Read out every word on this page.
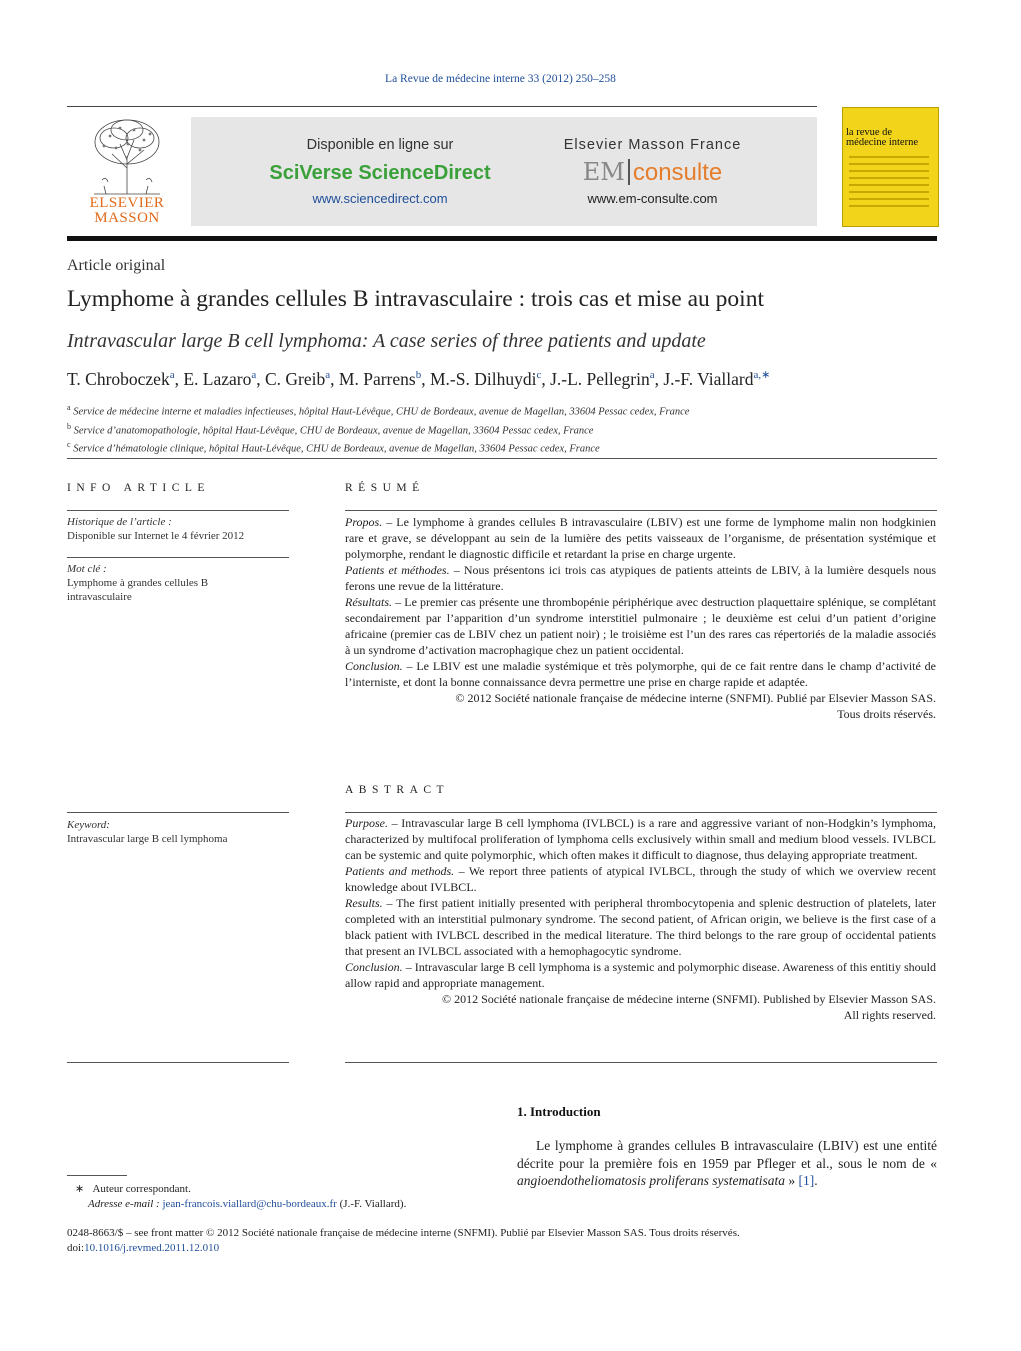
La Revue de médecine interne 33 (2012) 250–258
ELSEVIER
MASSON
Disponible en ligne sur
SciVerse ScienceDirect
www.sciencedirect.com
Elsevier Masson France
EM consulte
www.em-consulte.com
la revue de médecine interne
Article original
Lymphome à grandes cellules B intravasculaire : trois cas et mise au point
Intravascular large B cell lymphoma: A case series of three patients and update
T. Chroboczek$^a$, E. Lazaro$^a$, C. Greib$^a$, M. Parrens$^b$, M.-S. Dilhuydi$^c$, J.-L. Pellegrin$^a$, J.-F. Viallard$^{a,∗}$
$^a$ Service de médecine interne et maladies infectieuses, hôpital Haut-Lévêque, CHU de Bordeaux, avenue de Magellan, 33604 Pessac cedex, France
$^b$ Service d’anatomopathologie, hôpital Haut-Lévêque, CHU de Bordeaux, avenue de Magellan, 33604 Pessac cedex, France
$^c$ Service d’hématologie clinique, hôpital Haut-Lévêque, CHU de Bordeaux, avenue de Magellan, 33604 Pessac cedex, France
INFO ARTICLE
Historique de l’article :
Disponible sur Internet le 4 février 2012
Mot clé :
Lymphome à grandes cellules B
intravasculaire
Keyword:
Intravascular large B cell lymphoma
RÉSUMÉ

Propos. – Le lymphome à grandes cellules B intravasculaire (LBIV) est une forme de lymphome malin non hodgkinien rare et grave, se développant au sein de la lumière des petits vaisseaux de l’organisme, de présentation systémique et polymorphe, rendant le diagnostic difficile et retardant la prise en charge urgente.

Patients et méthodes. – Nous présentons ici trois cas atypiques de patients atteints de LBIV, à la lumière desquels nous ferons une revue de la littérature.

Résultats. – Le premier cas présente une thrombopénie périphérique avec destruction plaquettaire splénique, se complétant secondairement par l’apparition d’un syndrome interstitiel pulmonaire ; le deuxième est celui d’un patient d’origine africaine (premier cas de LBIV chez un patient noir) ; le troisième est l’un des rares cas répertoriés de la maladie associés à un syndrome d’activation macrophagique chez un patient occidental.

Conclusion. – Le LBIV est une maladie systémique et très polymorphe, qui de ce fait rentre dans le champ d’activité de l’interniste, et dont la bonne connaissance devra permettre une prise en charge rapide et adaptée.

© 2012 Société nationale française de médecine interne (SNFMI). Publié par Elsevier Masson SAS.

Tous droits réservés.

ABSTRACT

Purpose. – Intravascular large B cell lymphoma (IVLBCL) is a rare and aggressive variant of non-Hodgkin’s lymphoma, characterized by multifocal proliferation of lymphoma cells exclusively within small and medium blood vessels. IVLBCL can be systemic and quite polymorphic, which often makes it difficult to diagnose, thus delaying appropriate treatment.

Patients and methods. – We report three patients of atypical IVLBCL, through the study of which we overview recent knowledge about IVLBCL.

Results. – The first patient initially presented with peripheral thrombocytopenia and splenic destruction of platelets, later completed with an interstitial pulmonary syndrome. The second patient, of African origin, we believe is the first case of a black patient with IVLBCL described in the medical literature. The third belongs to the rare group of occidental patients that present an IVLBCL associated with a hemophagocytic syndrome.

Conclusion. – Intravascular large B cell lymphoma is a systemic and polymorphic disease. Awareness of this entitiy should allow rapid and appropriate management.

© 2012 Société nationale française de médecine interne (SNFMI). Published by Elsevier Masson SAS.

All rights reserved.

1. Introduction
Le lymphome à grandes cellules B intravasculaire (LBIV) est une entité décrite pour la première fois en 1959 par Pfleger et al., sous le nom de « angioendotheliomatosis proliferans systematisata » [1].
∗ Auteur correspondant.
Adresse e-mail : jean-francois.viallard@chu-bordeaux.fr (J.-F. Viallard).
0248-8663/$ – see front matter © 2012 Société nationale française de médecine interne (SNFMI). Publié par Elsevier Masson SAS. Tous droits réservés.
doi:10.1016/j.revmed.2011.12.010
